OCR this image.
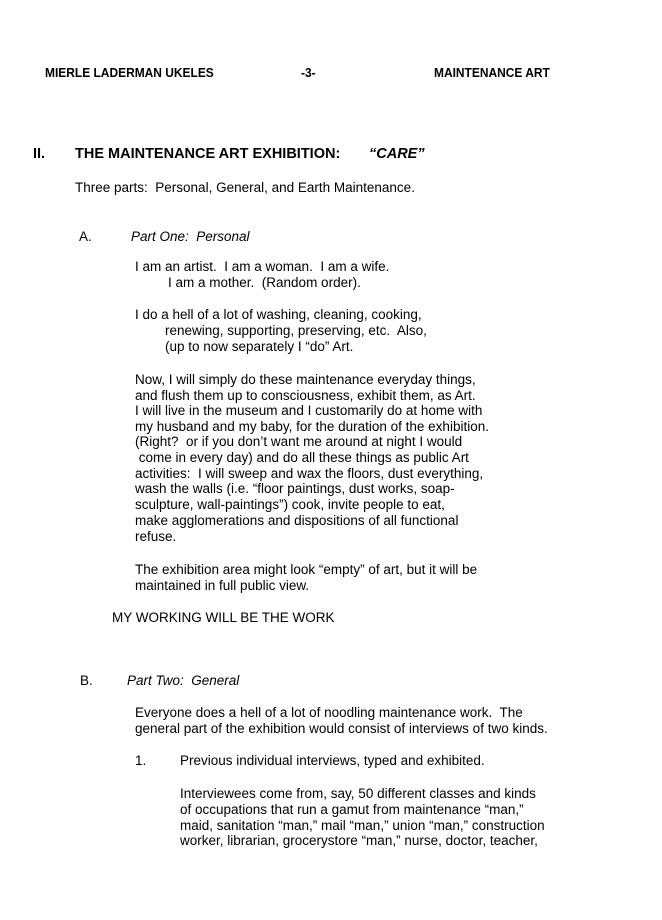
MIERLE LADERMAN UKELES	-3-	MAINTENANCE ART
II. THE MAINTENANCE ART EXHIBITION: “CARE”
Three parts:  Personal, General, and Earth Maintenance.
A.	Part One:  Personal
I am an artist.  I am a woman.  I am a wife.
I am a mother.  (Random order).
I do a hell of a lot of washing, cleaning, cooking,
renewing, supporting, preserving, etc.  Also,
(up to now separately I “do” Art.
Now, I will simply do these maintenance everyday things,
and flush them up to consciousness, exhibit them, as Art.
I will live in the museum and I customarily do at home with
my husband and my baby, for the duration of the exhibition.
(Right?  or if you don’t want me around at night I would
come in every day) and do all these things as public Art
activities:  I will sweep and wax the floors, dust everything,
wash the walls (i.e. “floor paintings, dust works, soap-
sculpture, wall-paintings”) cook, invite people to eat,
make agglomerations and dispositions of all functional
refuse.
The exhibition area might look “empty” of art, but it will be
maintained in full public view.
MY WORKING WILL BE THE WORK
B.	Part Two:  General
Everyone does a hell of a lot of noodling maintenance work.  The
general part of the exhibition would consist of interviews of two kinds.
1. Previous individual interviews, typed and exhibited.
Interviewees come from, say, 50 different classes and kinds
of occupations that run a gamut from maintenance “man,”
maid, sanitation “man,” mail “man,” union “man,” construction
worker, librarian, grocerystore “man,” nurse, doctor, teacher,
